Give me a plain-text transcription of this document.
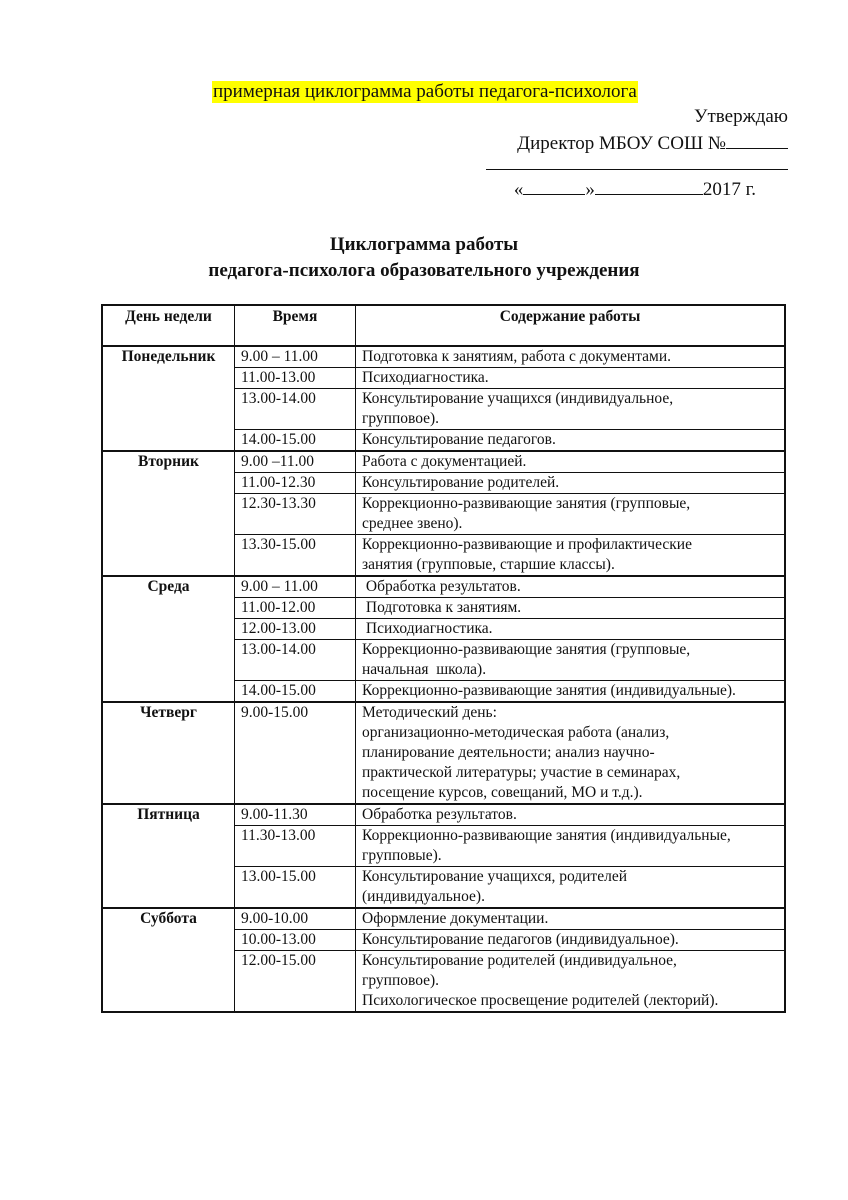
примерная циклограмма работы педагога-психолога
Утверждаю
Директор МБОУ СОШ №
«	»	2017 г.
Циклограмма работы
педагога-психолога образовательного учреждения
День недели	Время	Содержание работы
Понедельник	9.00 – 11.00	Подготовка к занятиям, работа с документами.

	11.00-13.00	Психодиагностика.

	13.00-14.00	Консультирование учащихся (индивидуальное,
групповое).

	14.00-15.00	Консультирование педагогов.

Вторник	9.00 –11.00	Работа с документацией.

	11.00-12.30	Консультирование родителей.

	12.30-13.30	Коррекционно-развивающие занятия (групповые,
среднее звено).

	13.30-15.00	Коррекционно-развивающие и профилактические
занятия (групповые, старшие классы).

Среда	9.00 – 11.00	Обработка результатов.

	11.00-12.00	Подготовка к занятиям.

	12.00-13.00	Психодиагностика.

	13.00-14.00	Коррекционно-развивающие занятия (групповые,
начальная  школа).

	14.00-15.00	Коррекционно-развивающие занятия (индивидуальные).

Четверг	9.00-15.00	Методический день:
организационно-методическая работа (анализ,
планирование деятельности; анализ научно-
практической литературы; участие в семинарах,
посещение курсов, совещаний, МО и т.д.).

Пятница	9.00-11.30	Обработка результатов.

	11.30-13.00	Коррекционно-развивающие занятия (индивидуальные,
групповые).

	13.00-15.00	Консультирование учащихся, родителей
(индивидуальное).

Суббота	9.00-10.00	Оформление документации.

	10.00-13.00	Консультирование педагогов (индивидуальное).

	12.00-15.00	Консультирование родителей (индивидуальное,
групповое).
Психологическое просвещение родителей (лекторий).
